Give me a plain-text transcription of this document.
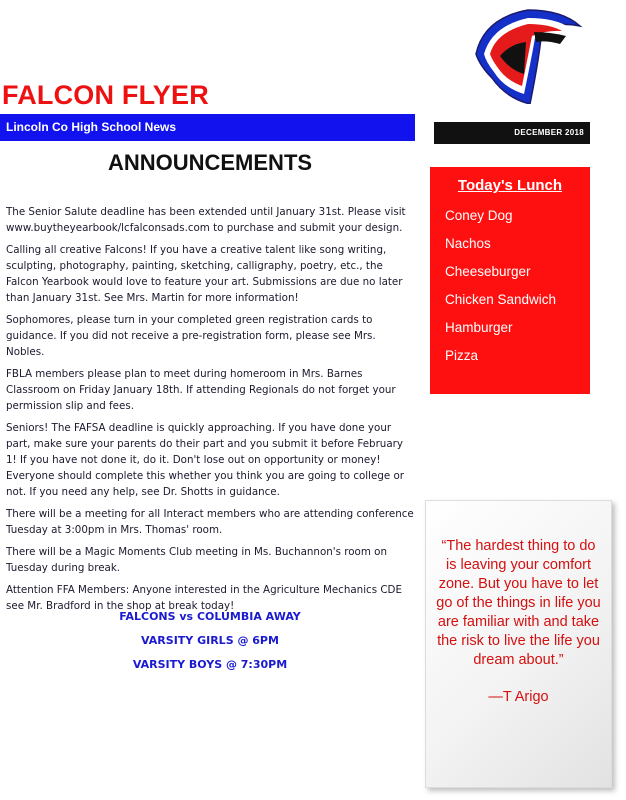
FALCON FLYER
Lincoln Co High School News	DECEMBER 2018
ANNOUNCEMENTS

The Senior Salute deadline has been extended until January 31st. Please visit www.buytheyearbook/lcfalconsads.com to purchase and submit your design.

Calling all creative Falcons! If you have a creative talent like song writing, sculpting, photography, painting, sketching, calligraphy, poetry, etc., the Falcon Yearbook would love to feature your art. Submissions are due no later than January 31st. See Mrs. Martin for more information!

Sophomores, please turn in your completed green registration cards to guidance. If you did not receive a pre-registration form, please see Mrs. Nobles.

FBLA members please plan to meet during homeroom in Mrs. Barnes Classroom on Friday January 18th. If attending Regionals do not forget your permission slip and fees.

Seniors! The FAFSA deadline is quickly approaching. If you have done your part, make sure your parents do their part and you submit it before February 1! If you have not done it, do it. Don't lose out on opportunity or money! Everyone should complete this whether you think you are going to college or not. If you need any help, see Dr. Shotts in guidance.

There will be a meeting for all Interact members who are attending conference Tuesday at 3:00pm in Mrs. Thomas' room.

There will be a Magic Moments Club meeting in Ms. Buchannon's room on Tuesday during break.

Attention FFA Members: Anyone interested in the Agriculture Mechanics CDE see Mr. Bradford in the shop at break today!

FALCONS vs COLUMBIA AWAY
VARSITY GIRLS @ 6PM
VARSITY BOYS @ 7:30PM
Today's Lunch
Coney Dog
Nachos
Cheeseburger
Chicken Sandwich
Hamburger
Pizza
“The hardest thing to do is leaving your comfort zone. But you have to let go of the things in life you are familiar with and take the risk to live the life you dream about.”
—T Arigo
